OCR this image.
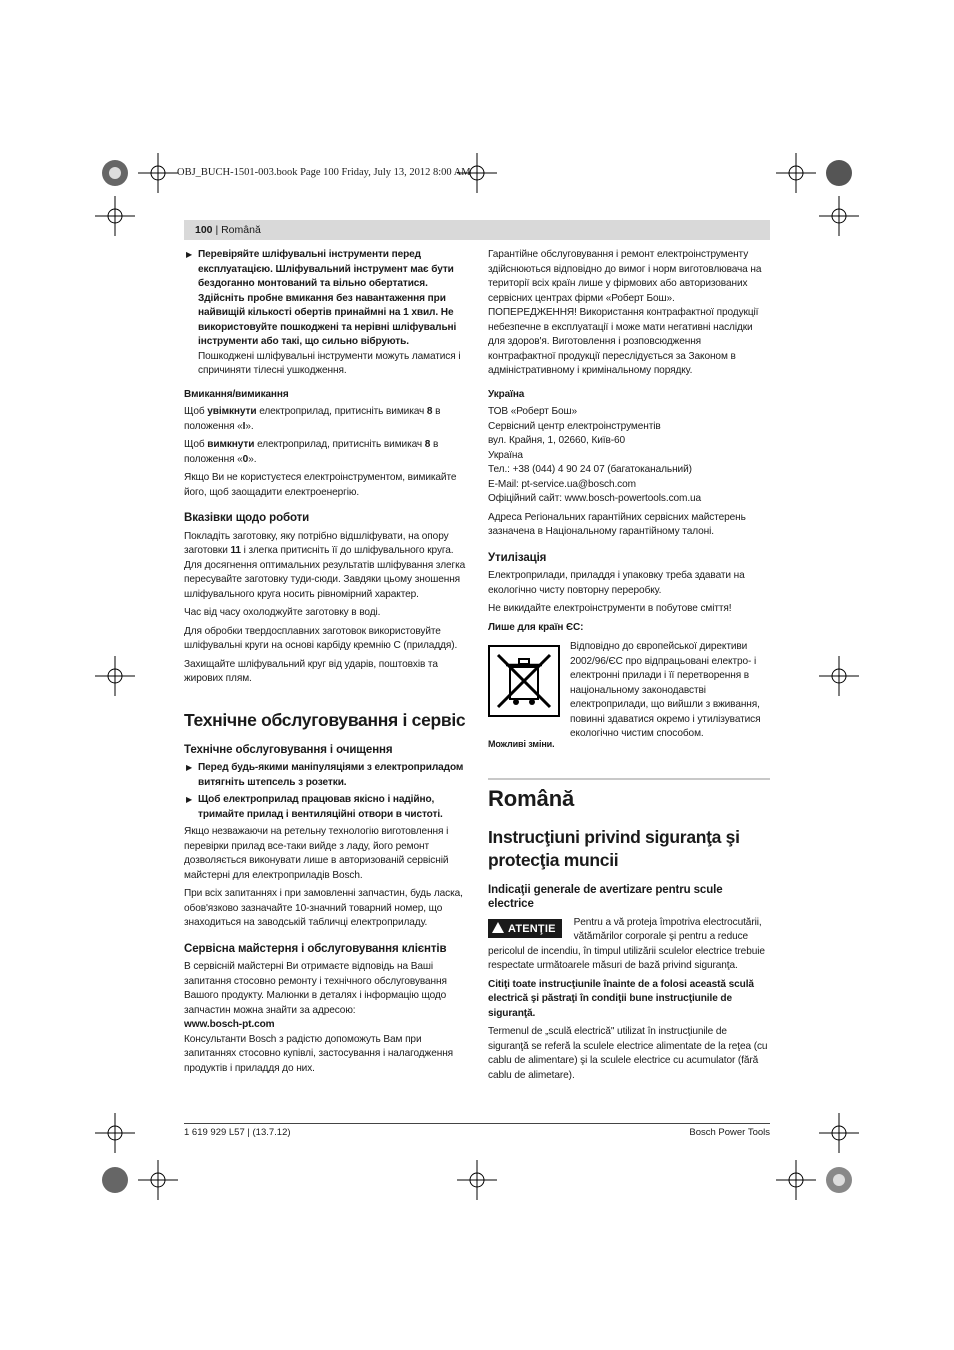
OBJ_BUCH-1501-003.book Page 100 Friday, July 13, 2012 8:00 AM
100 | Română
▶ Перевіряйте шліфувальні інструменти перед експлуатацією. Шліфувальний інструмент має бути бездоганно монтований та вільно обертатися. Здійсніть пробне вмикання без навантаження при найвищій кількості обертів принаймні на 1 хвил. Не використовуйте пошкоджені та нерівні шліфувальні інструменти або такі, що сильно вібрують.
Пошкоджені шліфувальні інструменти можуть ламатися і спричиняти тілесні ушкодження.
Вмикання/вимикання

Щоб увімкнути електроприлад, притисніть вимикач 8 в положення «I».

Щоб вимкнути електроприлад, притисніть вимикач 8 в положення «0».

Якщо Ви не користуєтеся електроінструментом, вимикайте його, щоб заощадити електроенергію.

Вказівки щодо роботи

Покладіть заготовку, яку потрібно відшліфувати, на опору заготовки 11 і злегка притисніть її до шліфувального круга. Для досягнення оптимальних результатів шліфування злегка пересувайте заготовку туди-сюди. Завдяки цьому зношення шліфувального круга носить рівномірний характер.

Час від часу охолоджуйте заготовку в воді.

Для обробки твердосплавних заготовок використовуйте шліфувальні круги на основі карбіду кремнію C (приладдя).

Захищайте шліфувальний круг від ударів, поштовхів та жирових плям.

Технічне обслуговування і сервіс
Технічне обслуговування і очищення
▶ Перед будь-якими маніпуляціями з електроприладом витягніть штепсель з розетки.
▶ Щоб електроприлад працював якісно і надійно, тримайте прилад і вентиляційні отвори в чистоті.

Якщо незважаючи на ретельну технологію виготовлення і перевірки прилад все-таки вийде з ладу, його ремонт дозволяється виконувати лише в авторизованій сервісній майстерні для електроприладів Bosch.

При всіх запитаннях і при замовленні запчастин, будь ласка, обов'язково зазначайте 10-значний товарний номер, що знаходиться на заводській табличці електроприладу.

Сервісна майстерня і обслуговування клієнтів

В сервісній майстерні Ви отримаєте відповідь на Ваші запитання стосовно ремонту і технічного обслуговування Вашого продукту. Малюнки в деталях і інформацію щодо запчастин можна знайти за адресою:

www.bosch-pt.com

Консультанти Bosch з радістю допоможуть Вам при запитаннях стосовно купівлі, застосування і налагодження продуктів і приладдя до них.

Гарантійне обслуговування і ремонт електроінструменту здійснюються відповідно до вимог і норм виготовлювача на території всіх країн лише у фірмових або авторизованих сервісних центрах фірми «Роберт Бош».

ПОПЕРЕДЖЕННЯ! Використання контрафактної продукції небезпечне в експлуатації і може мати негативні наслідки для здоров'я. Виготовлення і розповсюдження контрафактної продукції переслідується за Законом в адміністративному і кримінальному порядку.

Україна
ТОВ «Роберт Бош»
Сервісний центр електроінструментів
вул. Крайня, 1, 02660, Київ-60
Україна
Тел.: +38 (044) 4 90 24 07 (багатоканальний)
E-Mail: pt-service.ua@bosch.com

Офіційний сайт: www.bosch-powertools.com.ua

Адреса Регіональних гарантійних сервісних майстерень зазначена в Національному гарантійному талоні.

Утилізація

Електроприлади, приладдя і упаковку треба здавати на екологічно чисту повторну переробку.

Не викидайте електроінструменти в побутове сміття!

Лише для країн ЄС:
Відповідно до європейської директиви 2002/96/ЄС про відпрацьовані електро- і електронні прилади і її перетворення в національному законодавстві електроприлади, що вийшли з вживання, повинні здаватися окремо і утилізуватися екологічно чистим способом.
Можливі зміни.
Română
Instrucţiuni privind siguranţa şi protecţia muncii
Indicaţii generale de avertizare pentru scule electrice
ATENŢIE
Pentru a vă proteja împotriva electrocutării, vătămărilor corporale şi pentru a reduce pericolul de incendiu, în timpul utilizării sculelor electrice trebuie respectate următoarele măsuri de bază privind siguranţa.

Citiţi toate instrucţiunile înainte de a folosi această sculă electrică şi păstraţi în condiţii bune instrucţiunile de siguranţă.

Termenul de „sculă electrică" utilizat în instrucţiunile de siguranţă se referă la sculele electrice alimentate de la reţea (cu cablu de alimentare) şi la sculele electrice cu acumulator (fără cablu de alimetare).

1 619 929 L57 | (13.7.12)	Bosch Power Tools
